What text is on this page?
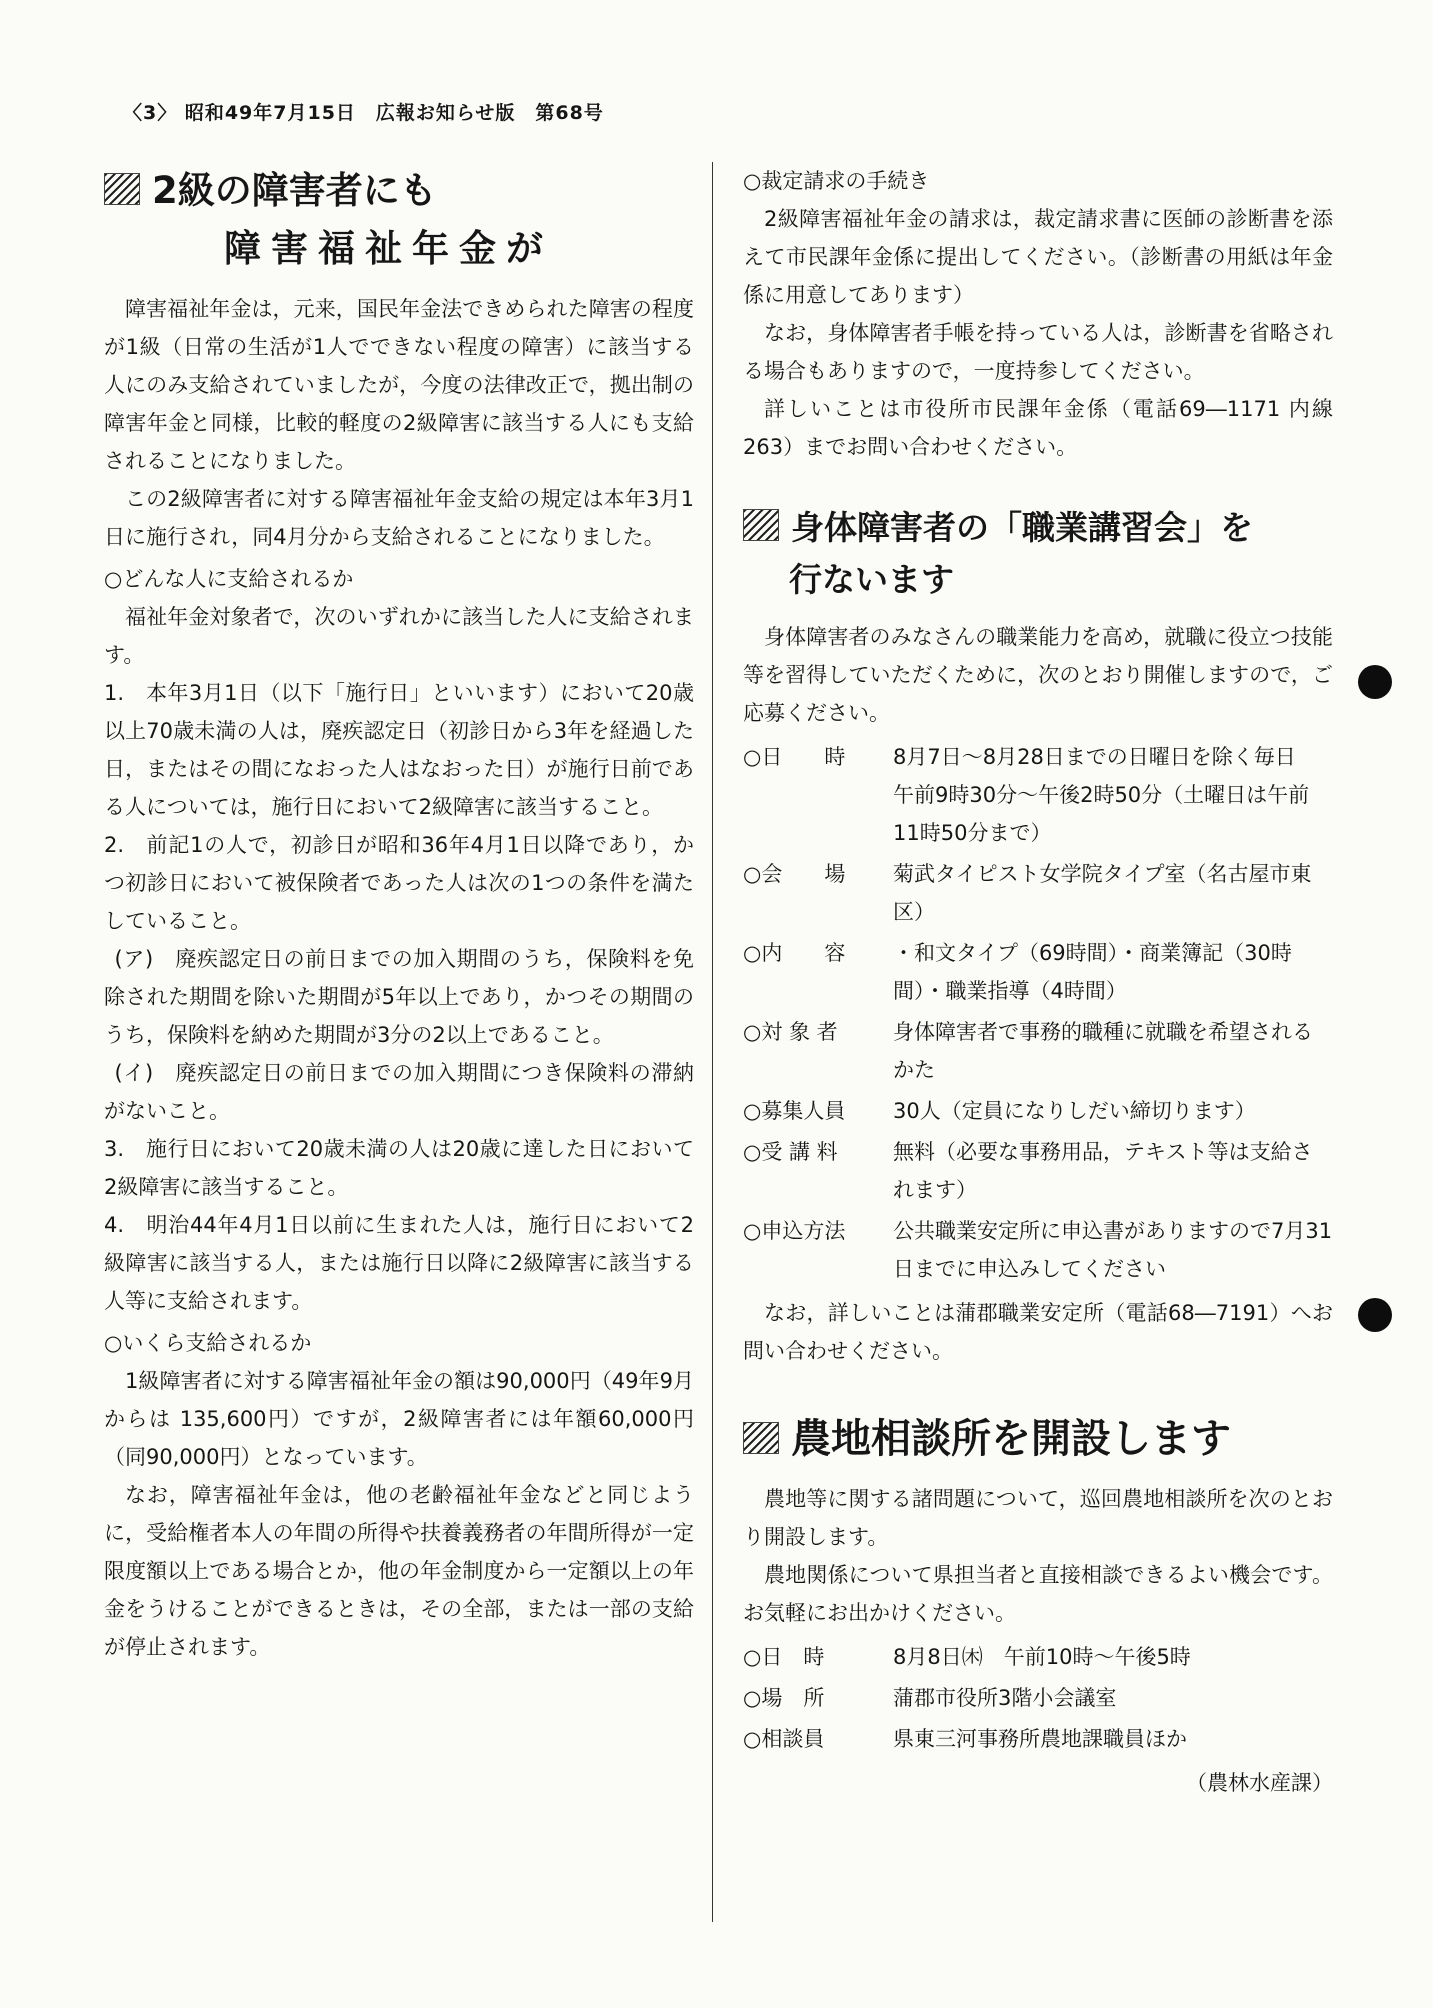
〈3〉 昭和49年7月15日　広報お知らせ版　第68号
2級の障害者にも
障害福祉年金が

障害福祉年金は，元来，国民年金法できめられた障害の程度が1級（日常の生活が1人でできない程度の障害）に該当する人にのみ支給されていましたが，今度の法律改正で，拠出制の障害年金と同様，比較的軽度の2級障害に該当する人にも支給されることになりました。

この2級障害者に対する障害福祉年金支給の規定は本年3月1日に施行され，同4月分から支給されることになりました。

○どんな人に支給されるか

福祉年金対象者で，次のいずれかに該当した人に支給されます。

1.　本年3月1日（以下「施行日」といいます）において20歳以上70歳未満の人は，廃疾認定日（初診日から3年を経過した日，またはその間になおった人はなおった日）が施行日前である人については，施行日において2級障害に該当すること。

2.　前記1の人で，初診日が昭和36年4月1日以降であり，かつ初診日において被保険者であった人は次の1つの条件を満たしていること。

(ア)　廃疾認定日の前日までの加入期間のうち，保険料を免除された期間を除いた期間が5年以上であり，かつその期間のうち，保険料を納めた期間が3分の2以上であること。

(イ)　廃疾認定日の前日までの加入期間につき保険料の滞納がないこと。

3.　施行日において20歳未満の人は20歳に達した日において2級障害に該当すること。

4.　明治44年4月1日以前に生まれた人は，施行日において2級障害に該当する人，または施行日以降に2級障害に該当する人等に支給されます。

○いくら支給されるか

1級障害者に対する障害福祉年金の額は90,000円（49年9月からは 135,600円）ですが，2級障害者には年額60,000円（同90,000円）となっています。

なお，障害福祉年金は，他の老齢福祉年金などと同じように，受給権者本人の年間の所得や扶養義務者の年間所得が一定限度額以上である場合とか，他の年金制度から一定額以上の年金をうけることができるときは，その全部，または一部の支給が停止されます。

○裁定請求の手続き

2級障害福祉年金の請求は，裁定請求書に医師の診断書を添えて市民課年金係に提出してください。（診断書の用紙は年金係に用意してあります）

なお，身体障害者手帳を持っている人は，診断書を省略される場合もありますので，一度持参してください。

詳しいことは市役所市民課年金係（電話69―1171 内線 263）までお問い合わせください。

身体障害者の「職業講習会」を
行ないます

身体障害者のみなさんの職業能力を高め，就職に役立つ技能等を習得していただくために，次のとおり開催しますので，ご応募ください。

○日　　時	8月7日～8月28日までの日曜日を除く毎日　午前9時30分～午後2時50分（土曜日は午前11時50分まで）
○会　　場	菊武タイピスト女学院タイプ室（名古屋市東区）
○内　　容	・和文タイプ（69時間）・商業簿記（30時間）・職業指導（4時間）
○対 象 者	身体障害者で事務的職種に就職を希望されるかた
○募集人員	30人（定員になりしだい締切ります）
○受 講 料	無料（必要な事務用品，テキスト等は支給されます）
○申込方法	公共職業安定所に申込書がありますので7月31日までに申込みしてください

なお，詳しいことは蒲郡職業安定所（電話68―7191）へお問い合わせください。

農地相談所を開設します

農地等に関する諸問題について，巡回農地相談所を次のとおり開設します。

農地関係について県担当者と直接相談できるよい機会です。お気軽にお出かけください。

○日　時	8月8日㈭　午前10時～午後5時
○場　所	蒲郡市役所3階小会議室
○相談員	県東三河事務所農地課職員ほか
（農林水産課）
